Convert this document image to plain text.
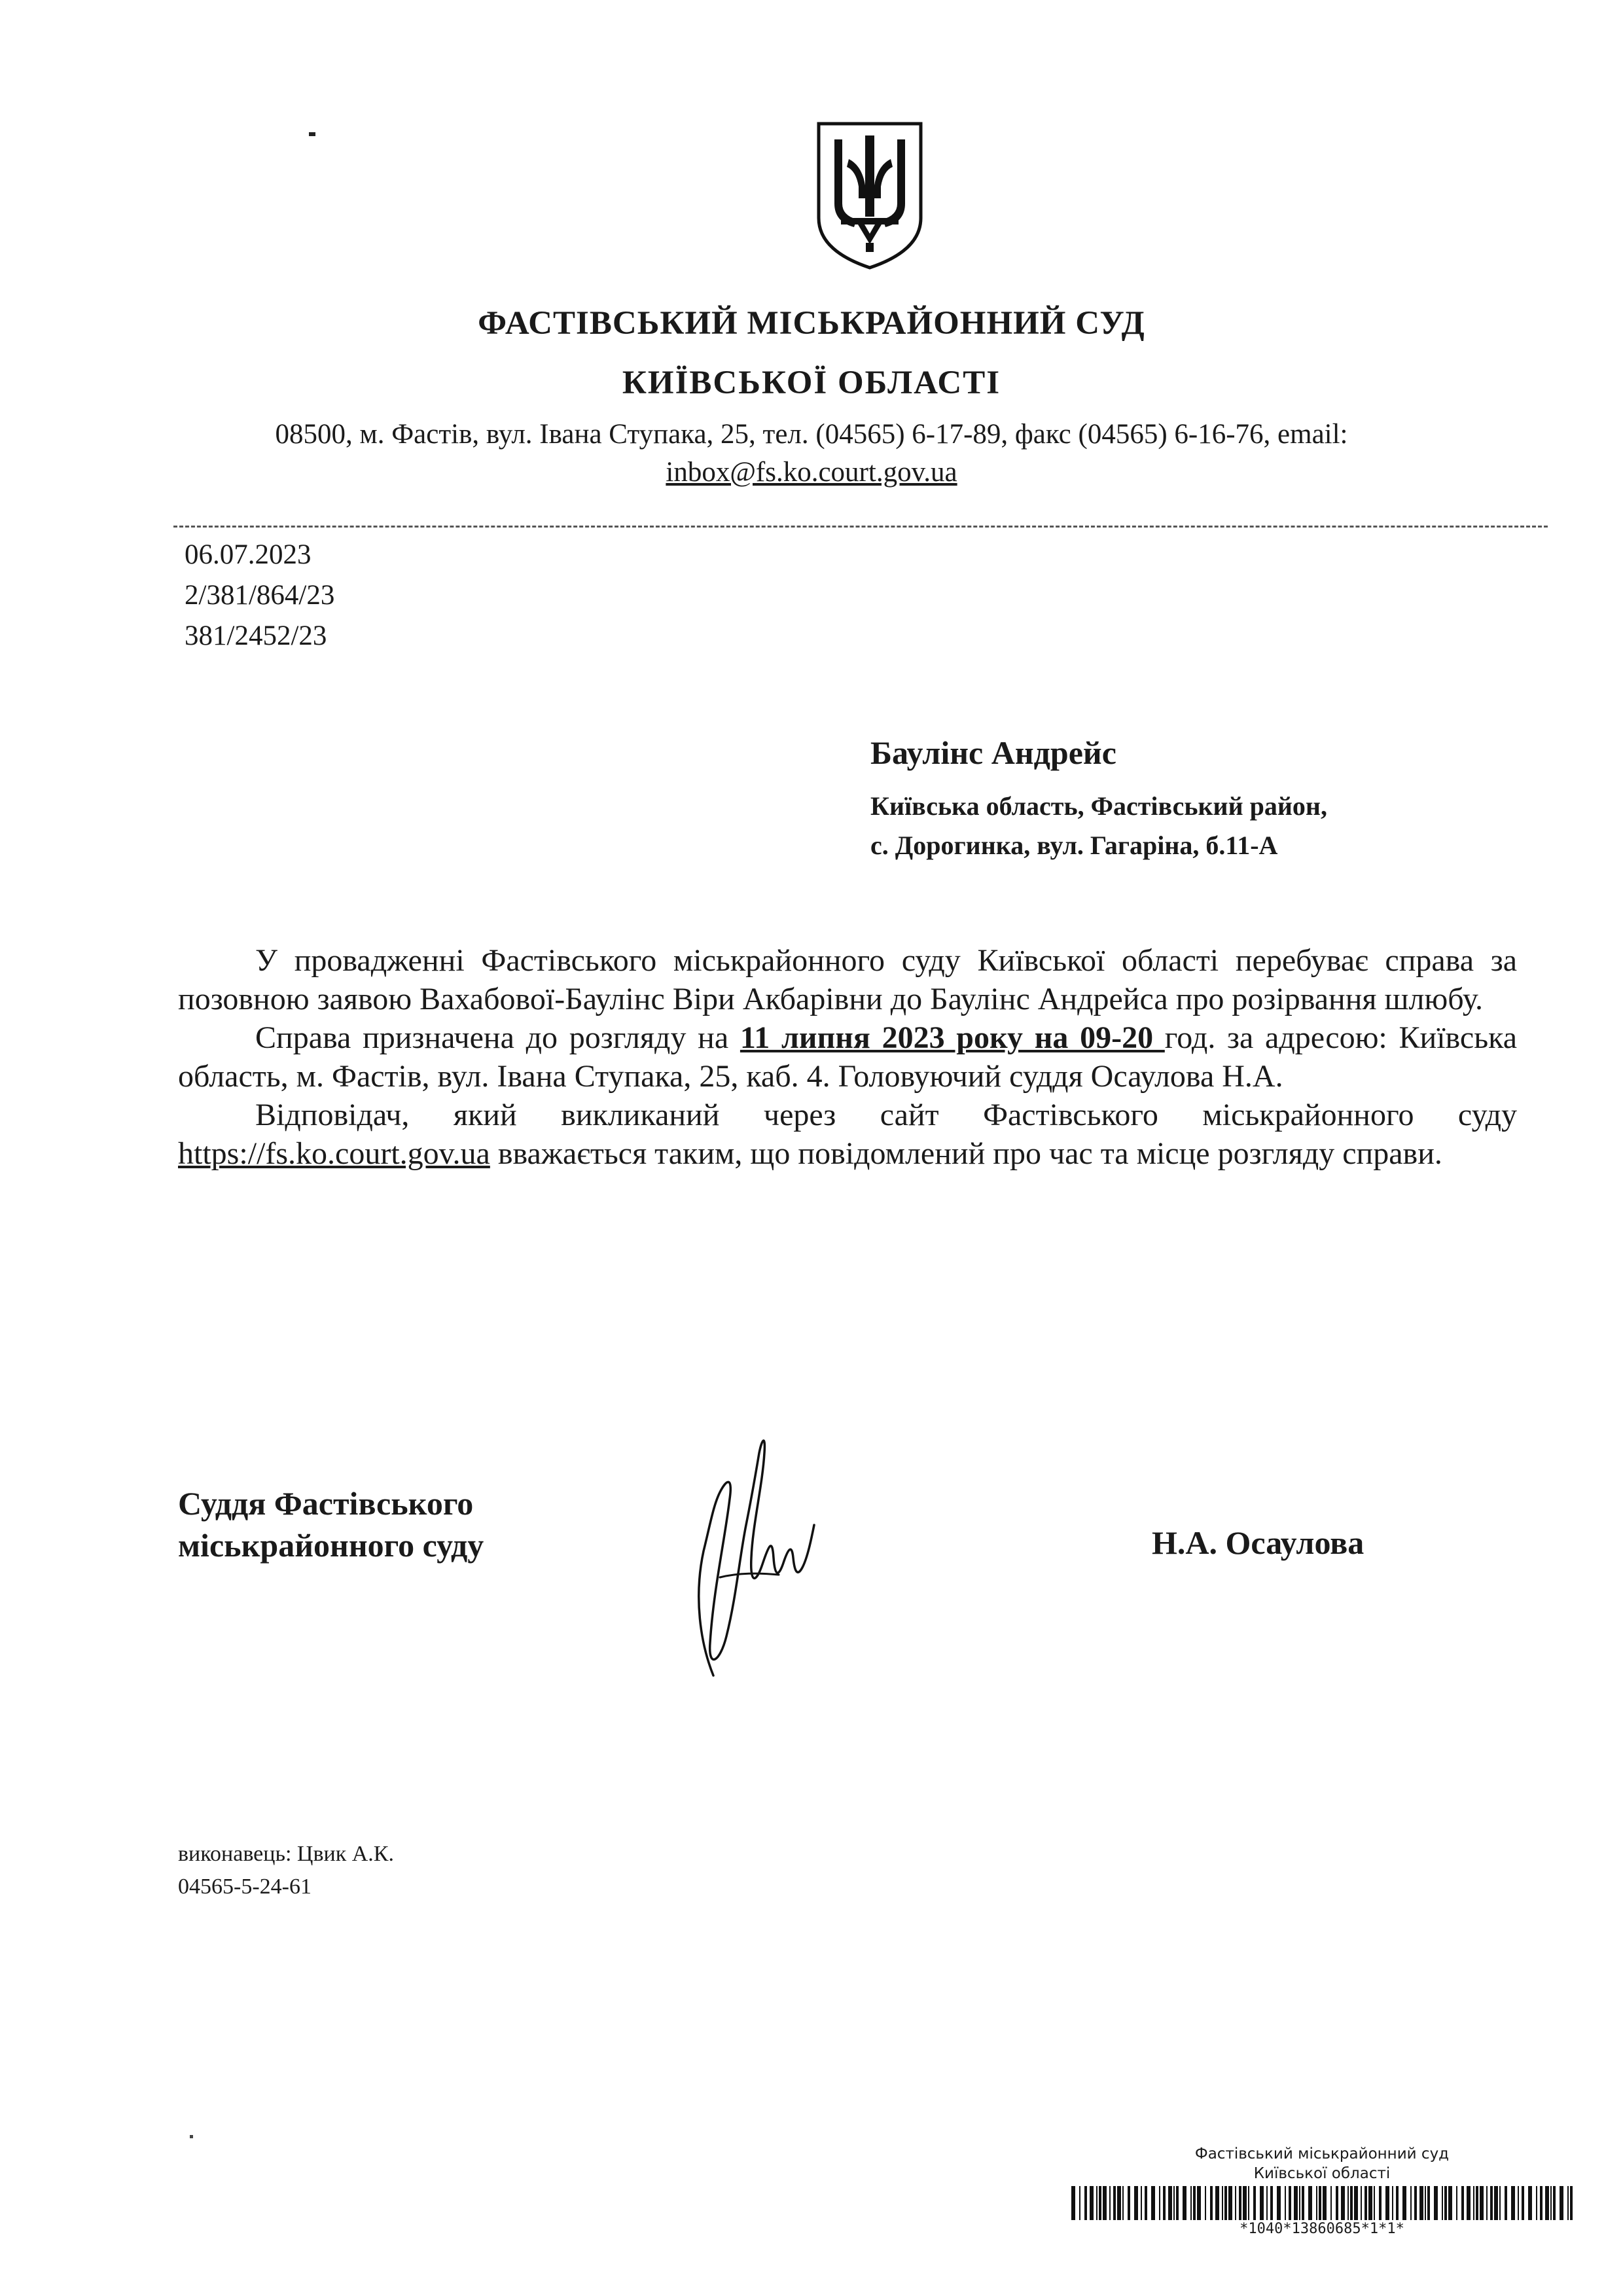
ФАСТІВСЬКИЙ МІСЬКРАЙОННИЙ СУД
КИЇВСЬКОЇ ОБЛАСТІ
08500, м. Фастів, вул. Івана Ступака, 25, тел. (04565) 6-17-89, факс (04565) 6-16-76, email:
inbox@fs.ko.court.gov.ua
06.07.2023
2/381/864/23
381/2452/23
Баулінс Андрейс
Київська область, Фастівський район,
с. Дорогинка, вул. Гагаріна, б.11-А

У провадженні Фастівського міськрайонного суду Київської області перебуває справа за позовною заявою Вахабової-Баулінс Віри Акбарівни до Баулінс Андрейса про розірвання шлюбу.

Справа призначена до розгляду на 11 липня 2023 року на 09-20 год. за адресою: Київська область, м. Фастів, вул. Івана Ступака, 25, каб. 4. Головуючий суддя Осаулова Н.А.

Відповідач, який викликаний через сайт Фастівського міськрайонного суду https://fs.ko.court.gov.ua вважається таким, що повідомлений про час та місце розгляду справи.

Суддя Фастівського
міськрайонного суду	Н.А. Осаулова
виконавець: Цвик А.К.
04565-5-24-61
Фастівський міськрайонний суд
Київської області
*1040*13860685*1*1*
